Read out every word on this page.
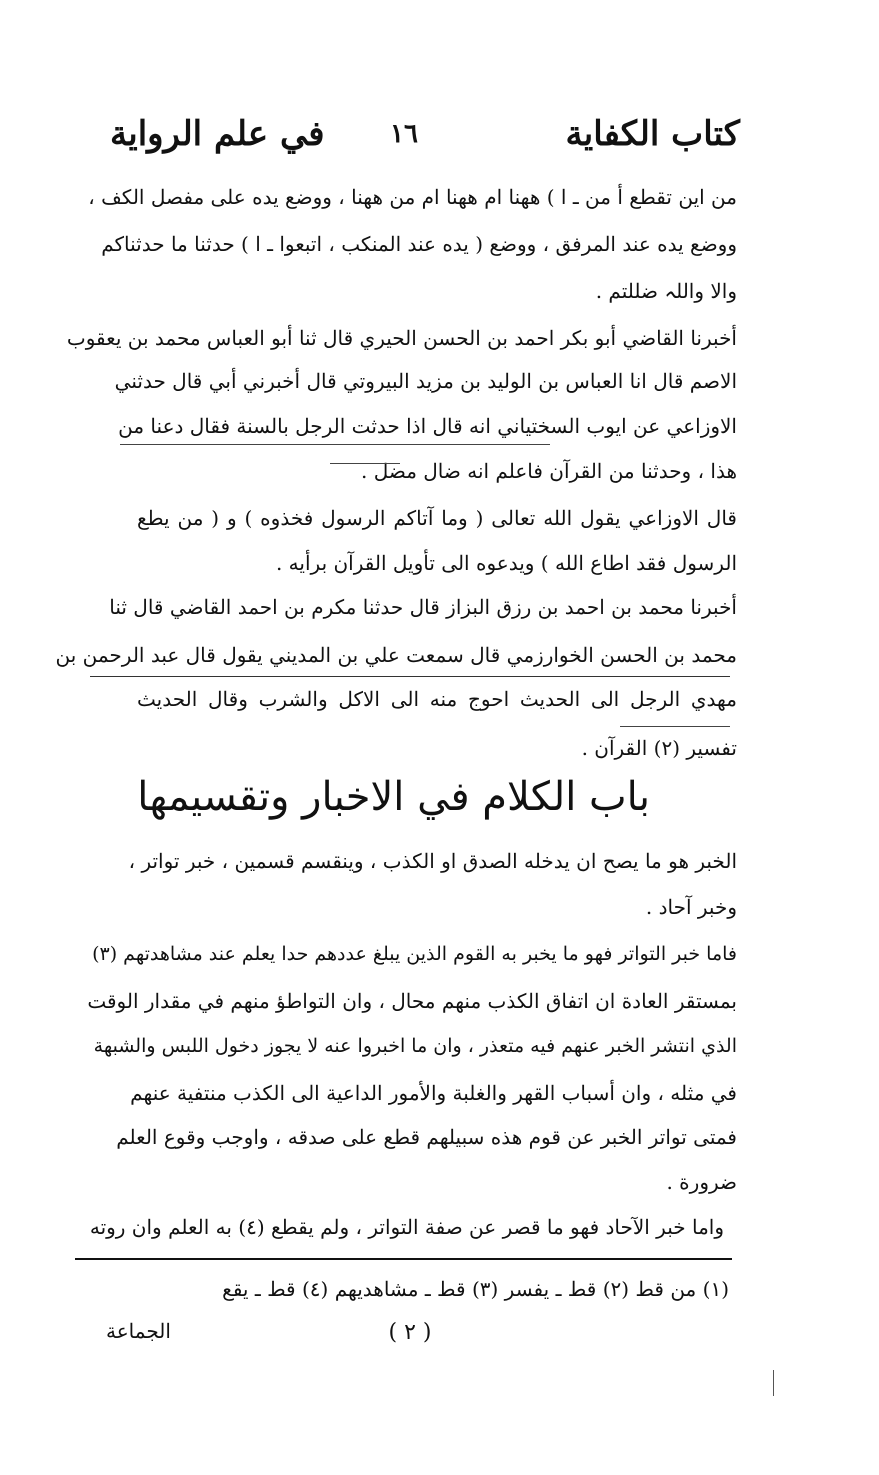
كتاب الكفاية
١٦
في علم الرواية
من اين تقطع أ من ـ ا ) ههنا ام ههنا ام من ههنا ، ووضع يده على مفصل الكف ،
ووضع يده عند المرفق ، ووضع ( يده عند المنكب ، اتبعوا ـ ا ) حدثنا ما حدثناكم
والا واللہ ضللتم .
أخبرنا القاضي أبو بكر احمد بن الحسن الحيري قال ثنا أبو العباس محمد بن يعقوب
الاصم قال انا العباس بن الوليد بن مزيد البيروتي قال أخبرني أبي قال حدثني
الاوزاعي عن ايوب السختياني انه قال اذا حدثت الرجل بالسنة فقال دعنا من
هذا ، وحدثنا من القرآن فاعلم انه ضال مضل .
قال الاوزاعي يقول الله تعالى ( وما آتاكم الرسول فخذوه ) و ( من يطع
الرسول فقد اطاع الله ) ويدعوه الى تأويل القرآن برأيه .
أخبرنا محمد بن احمد بن رزق البزاز قال حدثنا مكرم بن احمد القاضي قال ثنا
محمد بن الحسن الخوارزمي قال سمعت علي بن المديني يقول قال عبد الرحمن بن
مهدي الرجل الى الحديث احوج منه الى الاكل والشرب وقال الحديث
تفسير (٢) القرآن .
باب الكلام في الاخبار وتقسيمها
الخبر هو ما يصح ان يدخله الصدق او الكذب ، وينقسم قسمين ، خبر تواتر ،
وخبر آحاد .
فاما خبر التواتر فهو ما يخبر به القوم الذين يبلغ عددهم حدا يعلم عند مشاهدتهم (٣)
بمستقر العادة ان اتفاق الكذب منهم محال ، وان التواطؤ منهم في مقدار الوقت
الذي انتشر الخبر عنهم فيه متعذر ، وان ما اخبروا عنه لا يجوز دخول اللبس والشبهة
في مثله ، وان أسباب القهر والغلبة والأمور الداعية الى الكذب منتفية عنهم
فمتى تواتر الخبر عن قوم هذه سبيلهم قطع على صدقه ، واوجب وقوع العلم
ضرورة .
واما خبر الآحاد فهو ما قصر عن صفة التواتر ، ولم يقطع (٤) به العلم وان روته
(١) من قط (٢) قط ـ يفسر (٣) قط ـ مشاهديهم (٤) قط ـ يقع
الجماعة	( ٢ )
